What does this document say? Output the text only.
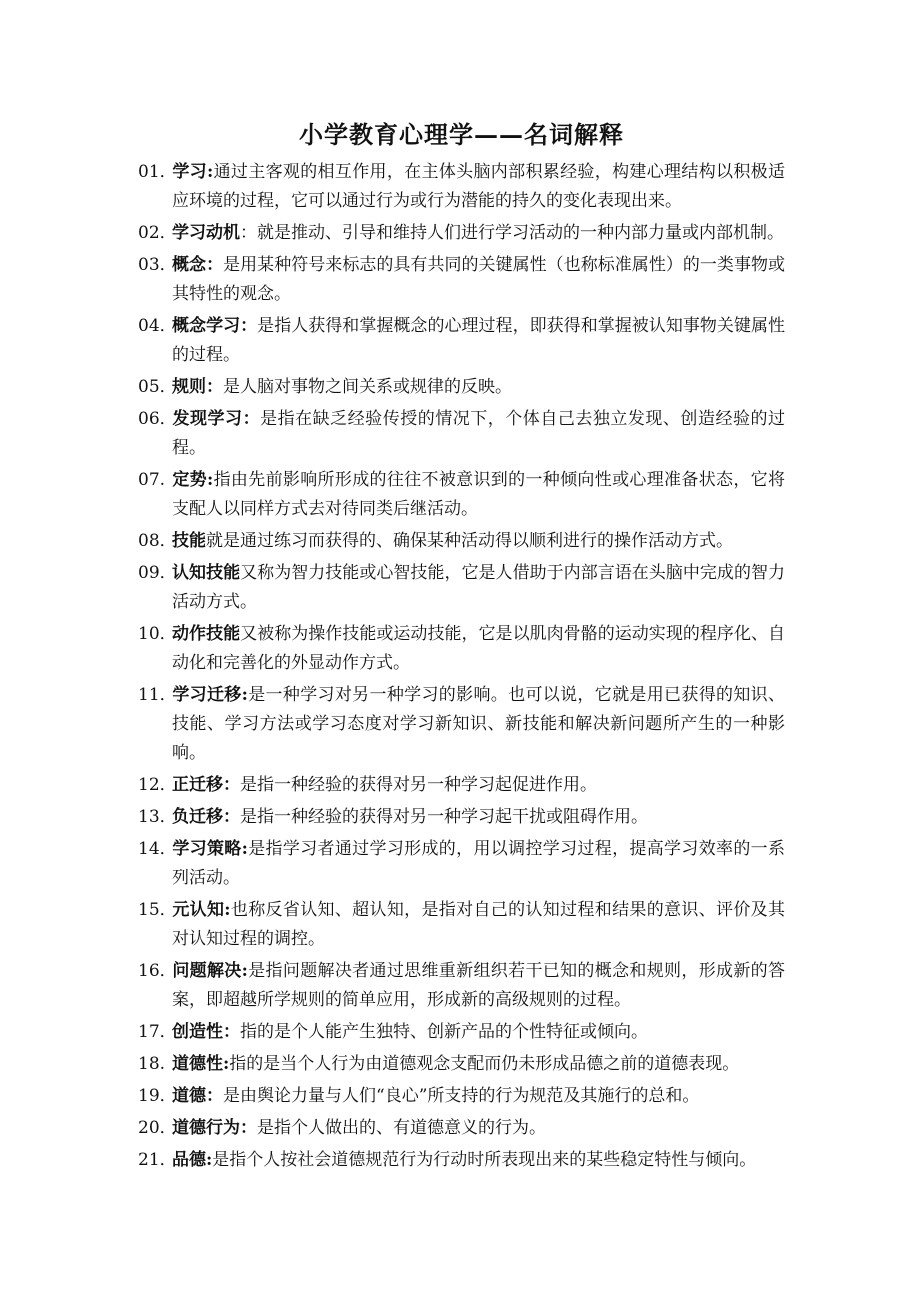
小学教育心理学——名词解释
01．学习:通过主客观的相互作用，在主体头脑内部积累经验，构建心理结构以积极适应环境的过程，它可以通过行为或行为潜能的持久的变化表现出来。
02．学习动机：就是推动、引导和维持人们进行学习活动的一种内部力量或内部机制。
03．概念：是用某种符号来标志的具有共同的关键属性（也称标准属性）的一类事物或其特性的观念。
04．概念学习：是指人获得和掌握概念的心理过程，即获得和掌握被认知事物关键属性的过程。
05．规则：是人脑对事物之间关系或规律的反映。
06．发现学习：是指在缺乏经验传授的情况下，个体自己去独立发现、创造经验的过程。
07.定势:指由先前影响所形成的往往不被意识到的一种倾向性或心理准备状态，它将支配人以同样方式去对待同类后继活动。
08．技能就是通过练习而获得的、确保某种活动得以顺利进行的操作活动方式。
09．认知技能又称为智力技能或心智技能，它是人借助于内部言语在头脑中完成的智力活动方式。
10．动作技能又被称为操作技能或运动技能，它是以肌肉骨骼的运动实现的程序化、自动化和完善化的外显动作方式。
11．学习迁移:是一种学习对另一种学习的影响。也可以说，它就是用已获得的知识、技能、学习方法或学习态度对学习新知识、新技能和解决新问题所产生的一种影响。
12．正迁移：是指一种经验的获得对另一种学习起促进作用。
13．负迁移：是指一种经验的获得对另一种学习起干扰或阻碍作用。
14．学习策略:是指学习者通过学习形成的，用以调控学习过程，提高学习效率的一系列活动。
15．元认知:也称反省认知、超认知，是指对自己的认知过程和结果的意识、评价及其对认知过程的调控。
16．问题解决:是指问题解决者通过思维重新组织若干已知的概念和规则，形成新的答案，即超越所学规则的简单应用，形成新的高级规则的过程。
17．创造性：指的是个人能产生独特、创新产品的个性特征或倾向。
18.道德性:指的是当个人行为由道德观念支配而仍未形成品德之前的道德表现。
19．道德：是由舆论力量与人们“良心”所支持的行为规范及其施行的总和。
20．道德行为：是指个人做出的、有道德意义的行为。
21．品德:是指个人按社会道德规范行为行动时所表现出来的某些稳定特性与倾向。
